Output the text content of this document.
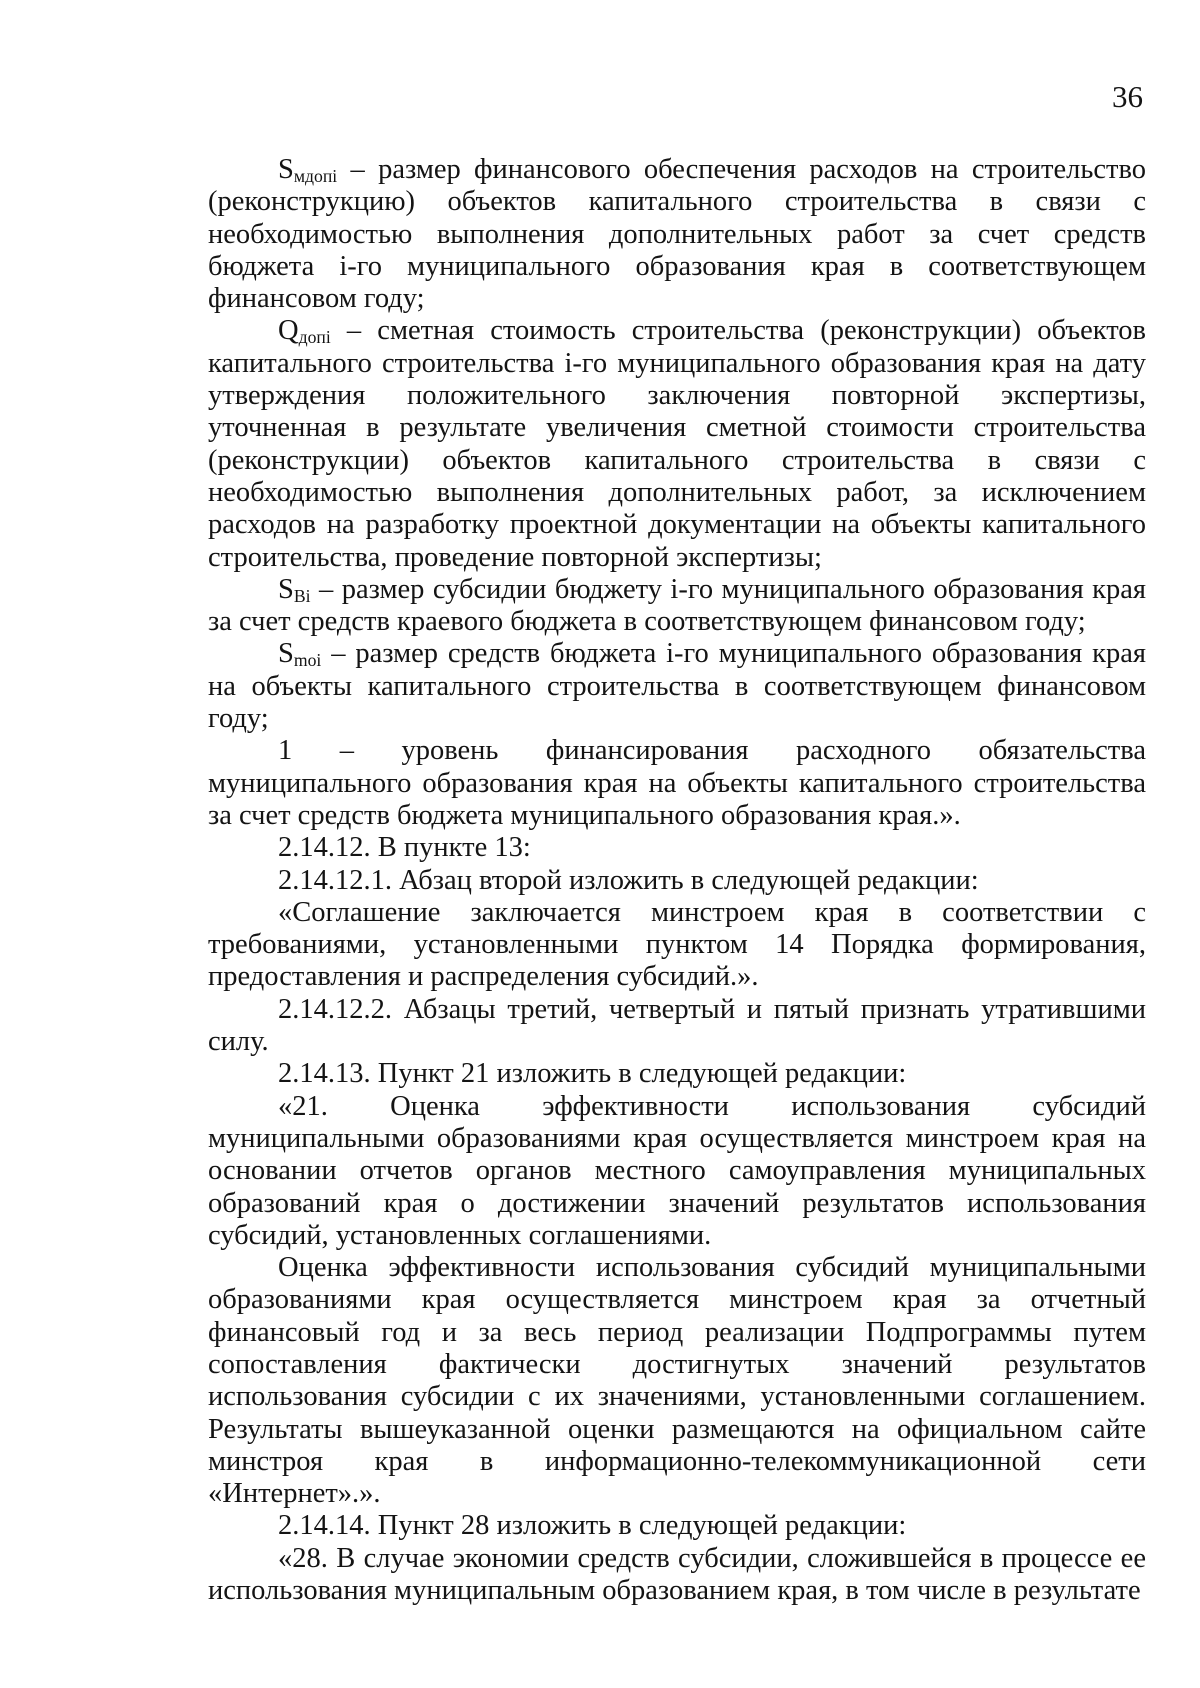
36

$S_{мдопi}$ – размер финансового обеспечения расходов на строительство (реконструкцию) объектов капитального строительства в связи с необходимостью выполнения дополнительных работ за счет средств бюджета i-го муниципального образования края в соответствующем финансовом году;

$Q_{допi}$ – сметная стоимость строительства (реконструкции) объектов капитального строительства i-го муниципального образования края на дату утверждения положительного заключения повторной экспертизы, уточненная в результате увеличения сметной стоимости строительства (реконструкции) объектов капитального строительства в связи с необходимостью выполнения дополнительных работ, за исключением расходов на разработку проектной документации на объекты капитального строительства, проведение повторной экспертизы;

$S_{Bi}$ – размер субсидии бюджету i-го муниципального образования края за счет средств краевого бюджета в соответствующем финансовом году;

$S_{moi}$ – размер средств бюджета i-го муниципального образования края на объекты капитального строительства в соответствующем финансовом году;

1 – уровень финансирования расходного обязательства
муниципального образования края на объекты капитального строительства за счет средств бюджета муниципального образования края.».

2.14.12. В пункте 13:

2.14.12.1. Абзац второй изложить в следующей редакции:

«Соглашение заключается минстроем края в соответствии с требованиями, установленными пунктом 14 Порядка формирования, предоставления и распределения субсидий.».

2.14.12.2. Абзацы третий, четвертый и пятый признать утратившими силу.

2.14.13. Пункт 21 изложить в следующей редакции:

«21. Оценка эффективности использования субсидий муниципальными образованиями края осуществляется минстроем края на основании отчетов органов местного самоуправления муниципальных образований края о достижении значений результатов использования субсидий, установленных соглашениями.

Оценка эффективности использования субсидий муниципальными образованиями края осуществляется минстроем края за отчетный финансовый год и за весь период реализации Подпрограммы путем сопоставления фактически достигнутых значений результатов использования субсидии с их значениями, установленными соглашением. Результаты вышеуказанной оценки размещаются на официальном сайте минстроя края в информационно-телекоммуникационной сети «Интернет».».

2.14.14. Пункт 28 изложить в следующей редакции:

«28. В случае экономии средств субсидии, сложившейся в процессе ее использования муниципальным образованием края, в том числе в результате
